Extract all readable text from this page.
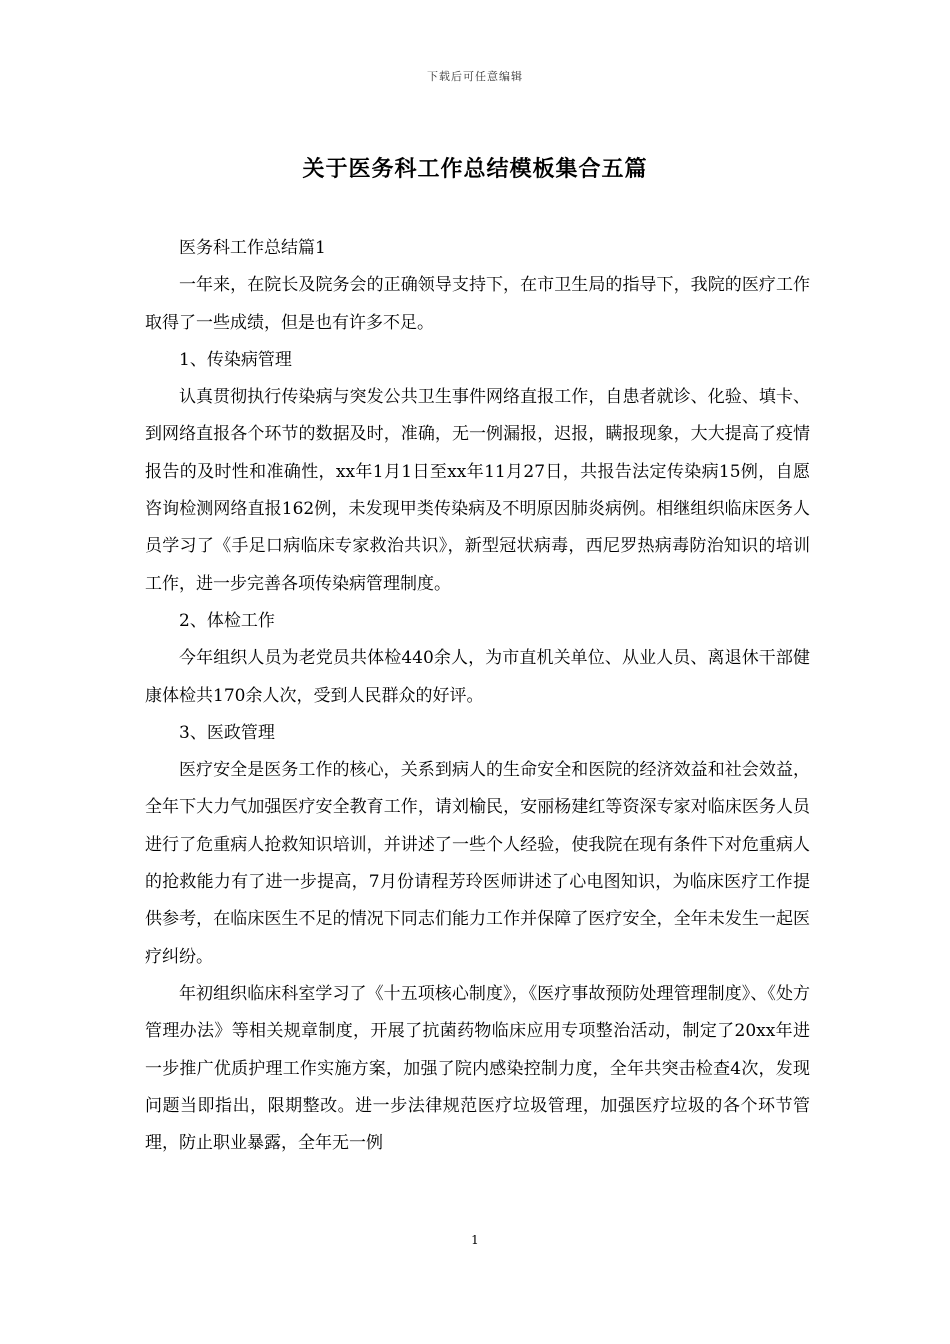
下载后可任意编辑
关于医务科工作总结模板集合五篇

医务科工作总结篇1

一年来，在院长及院务会的正确领导支持下，在市卫生局的指导下，我院的医疗工作取得了一些成绩，但是也有许多不足。

1、传染病管理

认真贯彻执行传染病与突发公共卫生事件网络直报工作，自患者就诊、化验、填卡、到网络直报各个环节的数据及时，准确，无一例漏报，迟报，瞒报现象，大大提高了疫情报告的及时性和准确性，xx年1月1日至xx年11月27日，共报告法定传染病15例，自愿咨询检测网络直报162例，未发现甲类传染病及不明原因肺炎病例。相继组织临床医务人员学习了《手足口病临床专家救治共识》，新型冠状病毒，西尼罗热病毒防治知识的培训工作，进一步完善各项传染病管理制度。

2、体检工作

今年组织人员为老党员共体检440余人，为市直机关单位、从业人员、离退休干部健康体检共170余人次，受到人民群众的好评。

3、医政管理

医疗安全是医务工作的核心，关系到病人的生命安全和医院的经济效益和社会效益，全年下大力气加强医疗安全教育工作，请刘榆民，安丽杨建红等资深专家对临床医务人员进行了危重病人抢救知识培训，并讲述了一些个人经验，使我院在现有条件下对危重病人的抢救能力有了进一步提高，7月份请程芳玲医师讲述了心电图知识，为临床医疗工作提供参考，在临床医生不足的情况下同志们能力工作并保障了医疗安全，全年未发生一起医疗纠纷。

年初组织临床科室学习了《十五项核心制度》，《医疗事故预防处理管理制度》、《处方管理办法》等相关规章制度，开展了抗菌药物临床应用专项整治活动，制定了20xx年进一步推广优质护理工作实施方案，加强了院内感染控制力度，全年共突击检查4次，发现问题当即指出，限期整改。进一步法律规范医疗垃圾管理，加强医疗垃圾的各个环节管理，防止职业暴露，全年无一例

1
